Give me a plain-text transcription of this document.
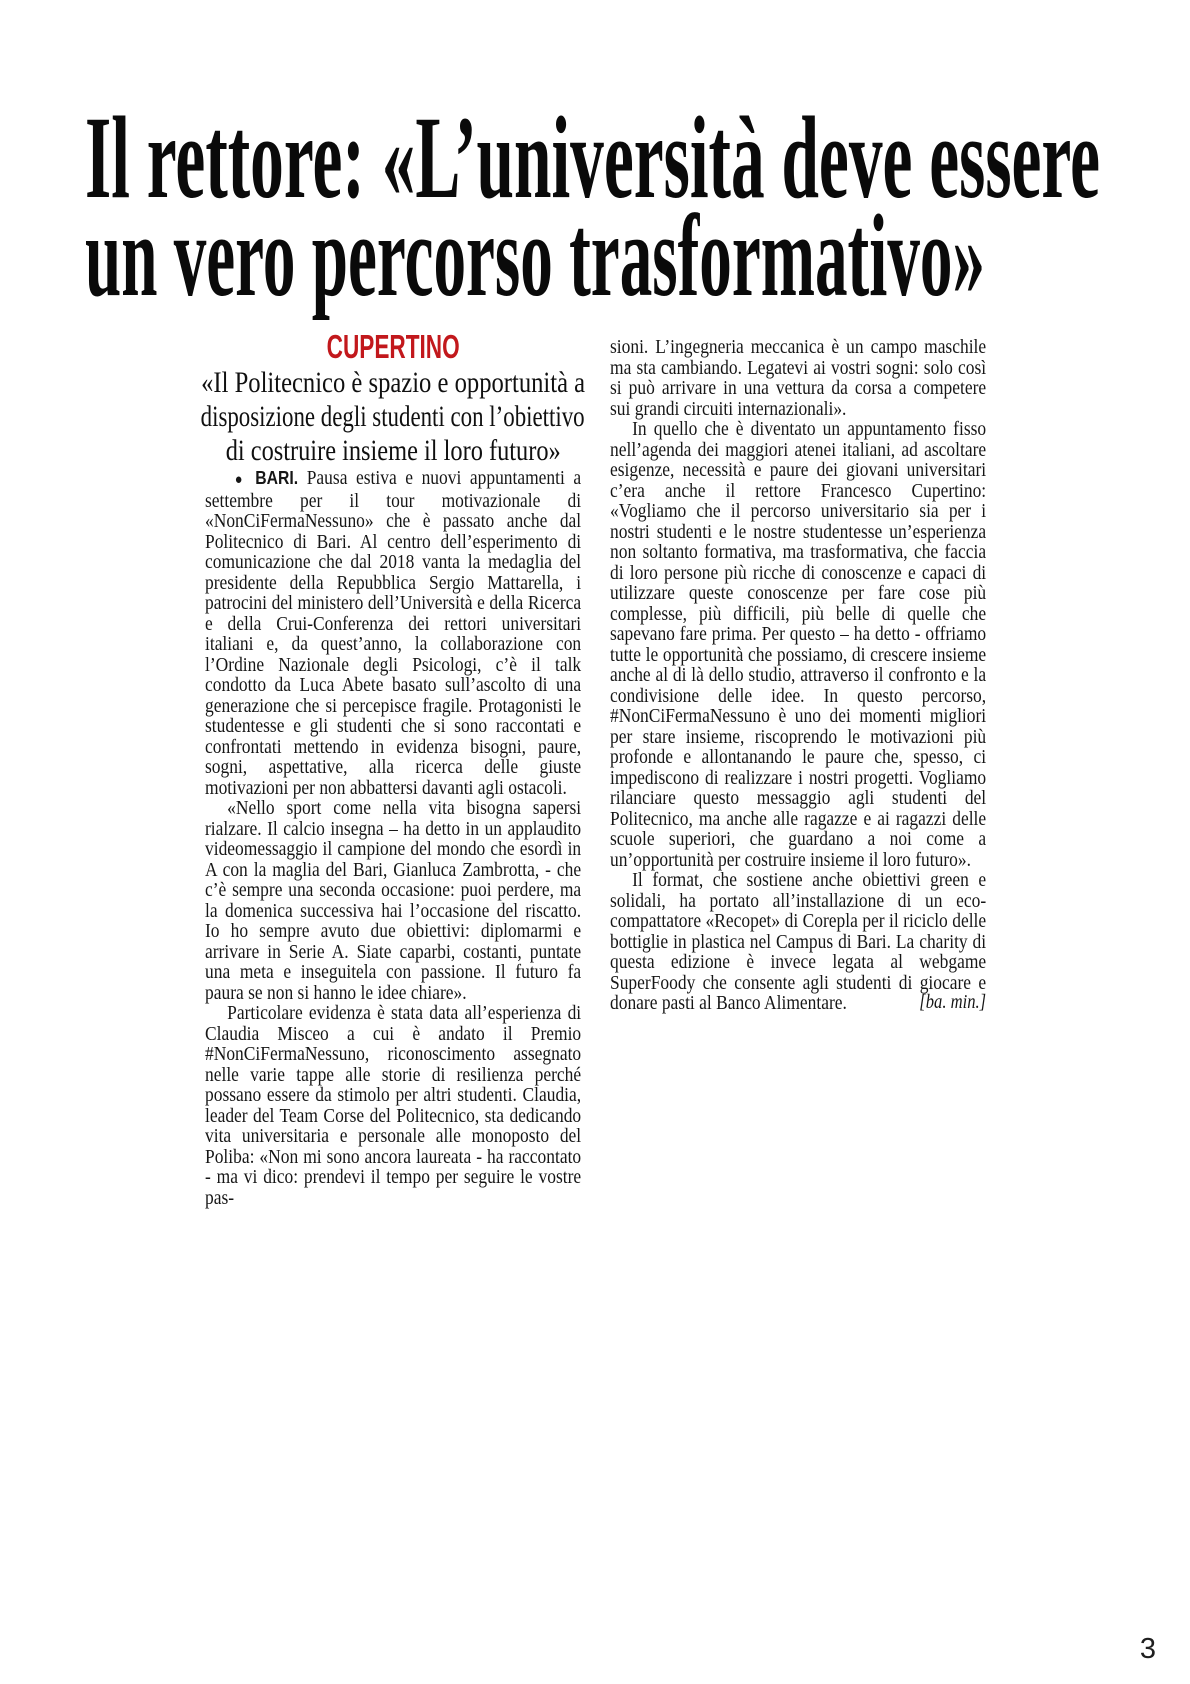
Il rettore: «L’università deve essere
un vero percorso trasformativo»
CUPERTINO
«Il Politecnico è spazio e opportunità a
disposizione degli studenti con l’obiettivo
di costruire insieme il loro futuro»

● BARI. Pausa estiva e nuovi appuntamenti a settembre per il tour motivazionale di «NonCiFermaNessuno» che è passato anche dal Politecnico di Bari. Al centro dell’esperimento di comunicazione che dal 2018 vanta la medaglia del presidente della Repubblica Sergio Mattarella, i patrocini del ministero dell’Università e della Ricerca e della Crui-Conferenza dei rettori universitari italiani e, da quest’anno, la collaborazione con l’Ordine Nazionale degli Psicologi, c’è il talk condotto da Luca Abete basato sull’ascolto di una generazione che si percepisce fragile. Protagonisti le studentesse e gli studenti che si sono raccontati e confrontati mettendo in evidenza bisogni, paure, sogni, aspettative, alla ricerca delle giuste motivazioni per non abbattersi davanti agli ostacoli.

«Nello sport come nella vita bisogna sapersi rialzare. Il calcio insegna – ha detto in un applaudito videomessaggio il campione del mondo che esordì in A con la maglia del Bari, Gianluca Zambrotta, - che c’è sempre una seconda occasione: puoi perdere, ma la domenica successiva hai l’occasione del riscatto. Io ho sempre avuto due obiettivi: diplomarmi e arrivare in Serie A. Siate caparbi, costanti, puntate una meta e inseguitela con passione. Il futuro fa paura se non si hanno le idee chiare».

Particolare evidenza è stata data all’esperienza di Claudia Misceo a cui è andato il Premio #NonCiFermaNessuno, riconoscimento assegnato nelle varie tappe alle storie di resilienza perché possano essere da stimolo per altri studenti. Claudia, leader del Team Corse del Politecnico, sta dedicando vita universitaria e personale alle monoposto del Poliba: «Non mi sono ancora laureata - ha raccontato - ma vi dico: prendevi il tempo per seguire le vostre pas-

sioni. L’ingegneria meccanica è un campo maschile ma sta cambiando. Legatevi ai vostri sogni: solo così si può arrivare in una vettura da corsa a competere sui grandi circuiti internazionali».

In quello che è diventato un appuntamento fisso nell’agenda dei maggiori atenei italiani, ad ascoltare esigenze, necessità e paure dei giovani universitari c’era anche il rettore Francesco Cupertino: «Vogliamo che il percorso universitario sia per i nostri studenti e le nostre studentesse un’esperienza non soltanto formativa, ma trasformativa, che faccia di loro persone più ricche di conoscenze e capaci di utilizzare queste conoscenze per fare cose più complesse, più difficili, più belle di quelle che sapevano fare prima. Per questo – ha detto - offriamo tutte le opportunità che possiamo, di crescere insieme anche al di là dello studio, attraverso il confronto e la condivisione delle idee. In questo percorso, #NonCiFermaNessuno è uno dei momenti migliori per stare insieme, riscoprendo le motivazioni più profonde e allontanando le paure che, spesso, ci impediscono di realizzare i nostri progetti. Vogliamo rilanciare questo messaggio agli studenti del Politecnico, ma anche alle ragazze e ai ragazzi delle scuole superiori, che guardano a noi come a un’opportunità per costruire insieme il loro futuro».

Il format, che sostiene anche obiettivi green e solidali, ha portato all’installazione di un eco-compattatore «Recopet» di Corepla per il riciclo delle bottiglie in plastica nel Campus di Bari. La charity di questa edizione è invece legata al webgame SuperFoody che consente agli studenti di giocare e donare pasti al Banco Alimentare.	[ba. min.]

3
